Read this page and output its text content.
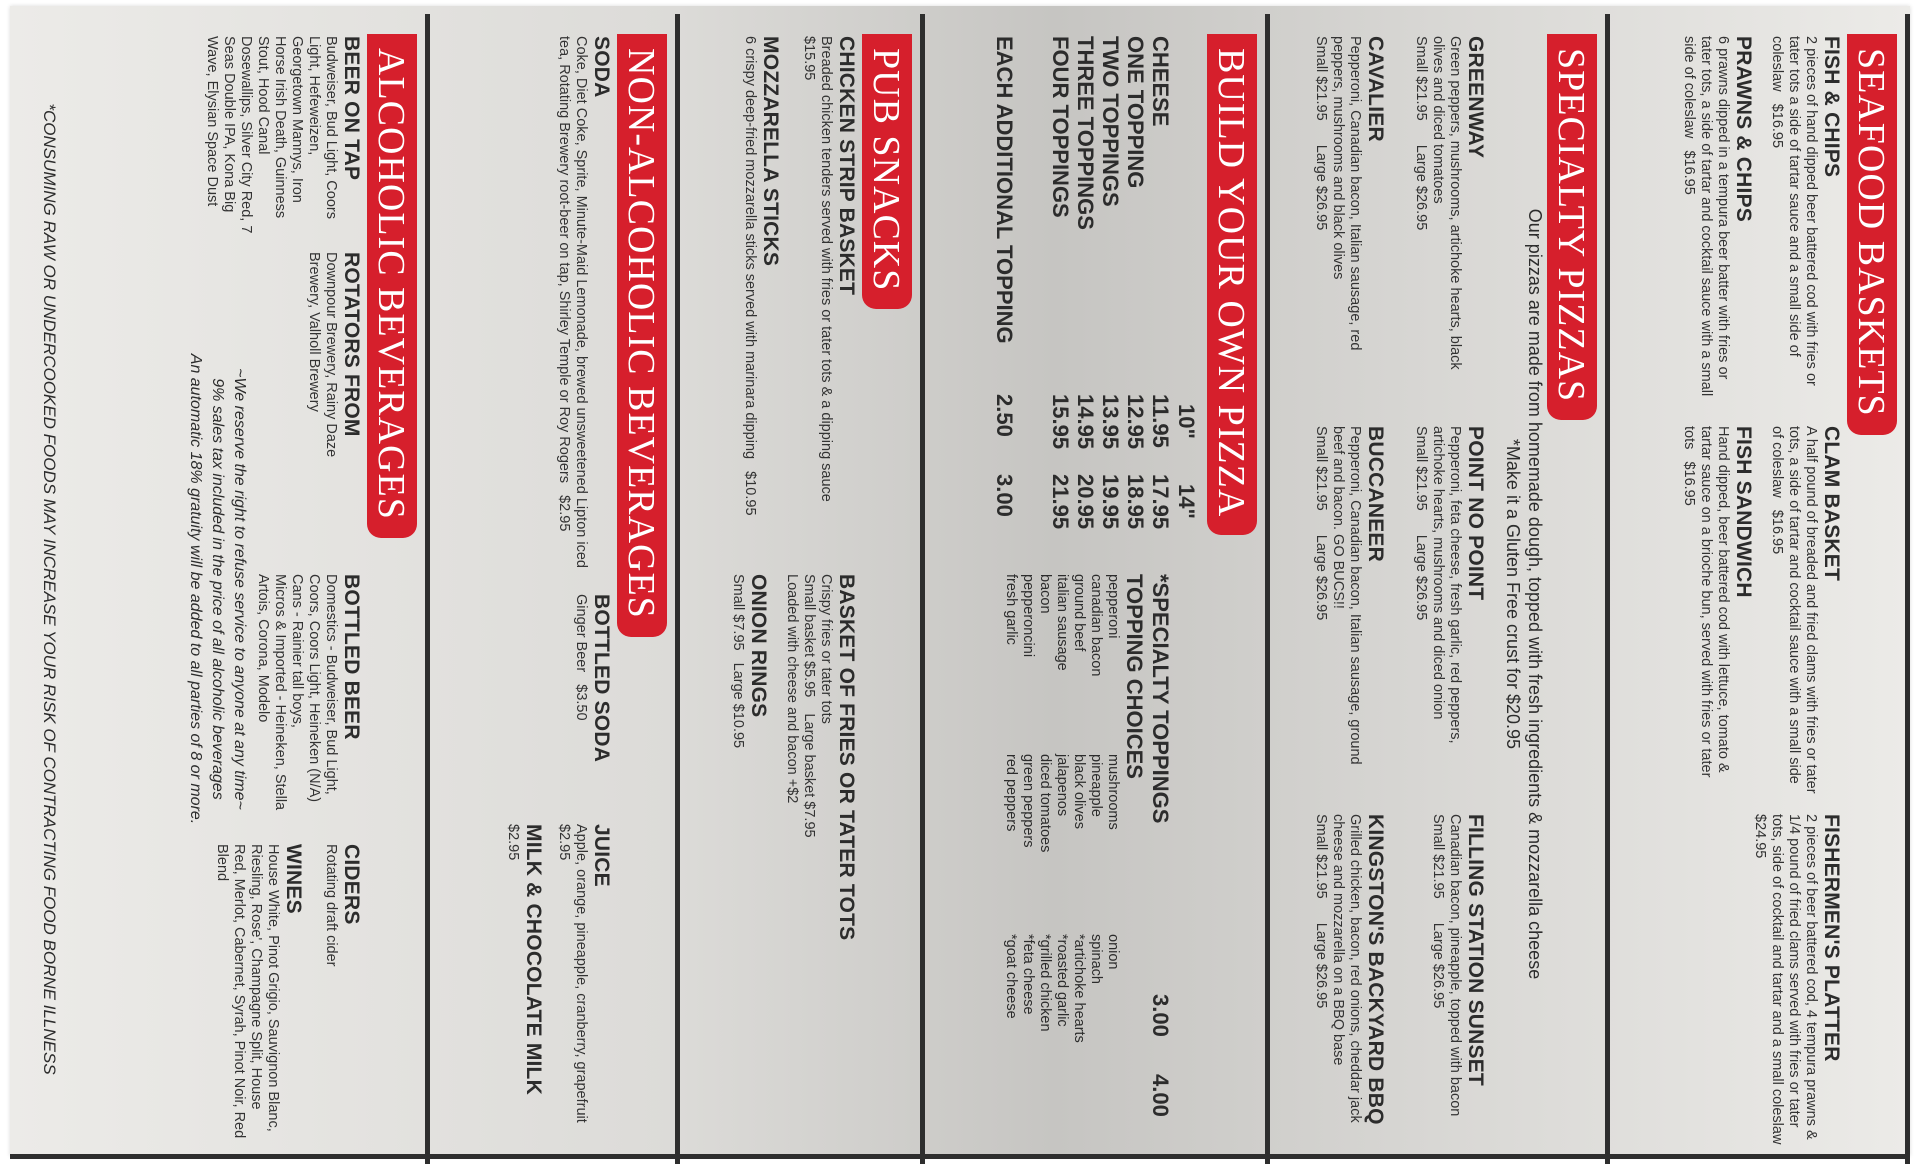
SEAFOOD BASKETS
FISH & CHIPS
2 pieces of hand dipped beer battered cod with fries or tater tots a side of tartar sauce and a small side of coleslaw   $16.95
CLAM BASKET
A half pound of breaded and fried clams with fries or tater tots, a side of tartar and cocktail sauce with a small side of coleslaw   $16.95
FISHERMEN'S PLATTER
2 pieces of beer battered cod, 4 tempura prawns & 1/4 pound of fried clams served with fries or tater tots, side of cocktail and tartar and a small coleslaw   $24.95
PRAWNS & CHIPS
6 prawns dipped in a tempura beer batter with fries or tater tots, a side of tartar and cocktail sauce with a small side of coleslaw   $16.95
FISH SANDWICH
Hand dipped, beer battered cod with lettuce, tomato & tartar sauce on a brioche bun, served with fries or tater tots   $16.95
SPECIALTY PIZZAS
Our pizzas are made from homemade dough, topped with fresh ingredients & mozzarella cheese
*Make it a Gluten Free crust for $20.95
GREENWAY
Green peppers, mushrooms, artichoke hearts, black olives and diced tomatoes
Small $21.95      Large $26.95
POINT NO POINT
Pepperoni, feta cheese, fresh garlic, red peppers, artichoke hearts, mushrooms and diced onion
Small $21.95      Large $26.95
FILLING STATION SUNSET
Canadian bacon, pineapple, topped with bacon
Small $21.95      Large $26.95
CAVALIER
Pepperoni, Canadian bacon, Italian sausage, red peppers, mushrooms and black olives
Small $21.95      Large $26.95
BUCCANEER
Pepperoni, Canadian bacon, Italian sausage, ground beef and bacon. GO BUCS!!
Small $21.95      Large $26.95
KINGSTON'S BACKYARD BBQ
Grilled chicken, bacon, red onions, cheddar jack cheese and mozzarella on a BBQ base
Small $21.95      Large $26.95
BUILD YOUR OWN PIZZA
10"
14"
CHEESE
11.95
17.95
ONE TOPPING
12.95
18.95
TWO TOPPINGS
13.95
19.95
THREE TOPPINGS
14.95
20.95
FOUR TOPPINGS
15.95
21.95
EACH ADDITIONAL TOPPING
2.50
3.00
*SPECIALTY TOPPINGS
3.00
4.00
TOPPING CHOICES
pepperoni
canadian bacon
ground beef
italian sausage
bacon
pepperoncini
fresh garlic
mushrooms
pineapple
black olives
jalapenos
diced tomatoes
green peppers
red peppers
onion
spinach
*artichoke hearts
*roasted garlic
*grilled chicken
*feta cheese
*goat cheese
PUB SNACKS
CHICKEN STRIP BASKET
Breaded chicken tenders served with fries or tater tots & a dipping sauce   $15.95
BASKET OF FRIES OR TATER TOTS
Crispy fries or tater tots
Small basket $5.95    Large basket $7.95
Loaded with cheese and bacon +$2
MOZZARELLA STICKS
6 crispy deep-fried mozzarella sticks served with marinara dipping   $10.95
ONION RINGS
Small $7.95   Large $10.95
NON-ALCOHOLIC BEVERAGES
SODA
Coke, Diet Coke, Sprite, Minute-Maid Lemonade, brewed unsweetened Lipton iced tea, Rotating Brewery root-beer on tap, Shirley Temple or Roy Rogers   $2.95
BOTTLED SODA
Ginger Beer   $3.50
JUICE
Apple, orange, pineapple, cranberry, grapefruit   $2.95
MILK & CHOCOLATE MILK
$2.95
ALCOHOLIC BEVERAGES
BEER ON TAP
Budweiser, Bud Light, Coors Light, Hefeweizen, Georgetown Mannys, Iron Horse Irish Death, Guinness Stout, Hood Canal Dosewallips, Silver City Red, 7 Seas Double IPA, Kona Big Wave, Elysian Space Dust
ROTATORS FROM
Downpour Brewery, Rainy Daze Brewery, Valholl Brewery
BOTTLED BEER
Domestics - Budweiser, Bud Light, Coors, Coors Light, Heineken (N/A)
Cans - Rainier tall boys,
Micros & Imported - Heineken, Stella Artois, Corona, Modelo
CIDERS
Rotating draft cider
WINES
House White, Pinot Grigio, Sauvignon Blanc, Riesling, Rose', Champagne Split, House Red, Merlot, Cabernet, Syrah, Pinot Noir, Red Blend
~We reserve the right to refuse service to anyone at any time~
9% sales tax included in the price of all alcoholic beverages
An automatic 18% gratuity will be added to all parties of 8 or more.
*CONSUMING RAW OR UNDERCOOKED FOODS MAY INCREASE YOUR RISK OF CONTRACTING FOOD BORNE ILLNESS
